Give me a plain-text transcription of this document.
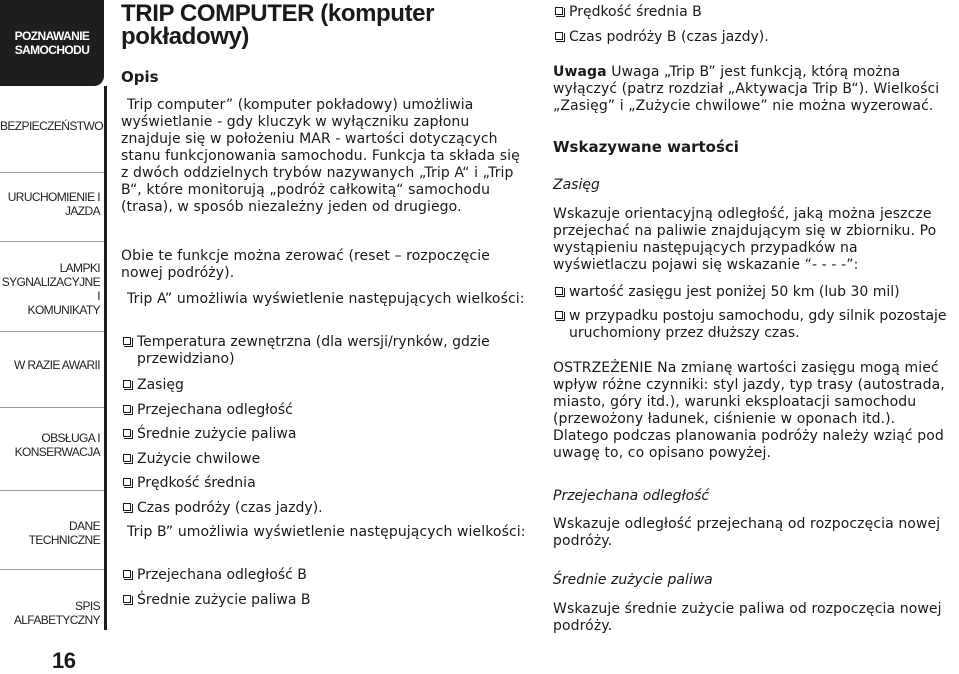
POZNAWANIE
SAMOCHODU
BEZPIECZEŃSTWO
URUCHOMIENIE I
JAZDA
LAMPKI
SYGNALIZACYJNE I
KOMUNIKATY
W RAZIE AWARII
OBSŁUGA I
KONSERWACJA
DANE TECHNICZNE
SPIS ALFABETYCZNY
16
TRIP COMPUTER (komputer pokładowy)
Opis
Trip computer” (komputer pokładowy) umożliwia wyświetlanie - gdy kluczyk w wyłączniku zapłonu znajduje się w położeniu MAR - wartości dotyczących stanu funkcjonowania samochodu. Funkcja ta składa się z dwóch oddzielnych trybów nazywanych „Trip A“ i „Trip B“, które monitorują „podróż całkowitą“ samochodu (trasa), w sposób niezależny jeden od drugiego.
Obie te funkcje można zerować (reset – rozpoczęcie nowej podróży).
Trip A” umożliwia wyświetlenie następujących wielkości:
Temperatura zewnętrzna (dla wersji/rynków, gdzie przewidziano)
Zasięg
Przejechana odległość
Średnie zużycie paliwa
Zużycie chwilowe
Prędkość średnia
Czas podróży (czas jazdy).
Trip B” umożliwia wyświetlenie następujących wielkości:
Przejechana odległość B
Średnie zużycie paliwa B
Prędkość średnia B
Czas podróży B (czas jazdy).
Uwaga Uwaga „Trip B” jest funkcją, którą można wyłączyć (patrz rozdział „Aktywacja Trip B“). Wielkości „Zasięg” i „Zużycie chwilowe” nie można wyzerować.
Wskazywane wartości
Zasięg
Wskazuje orientacyjną odległość, jaką można jeszcze przejechać na paliwie znajdującym się w zbiorniku. Po wystąpieniu następujących przypadków na wyświetlaczu pojawi się wskazanie “- - - -”:
wartość zasięgu jest poniżej 50 km (lub 30 mil)
w przypadku postoju samochodu, gdy silnik pozostaje uruchomiony przez dłuższy czas.
OSTRZEŻENIE Na zmianę wartości zasięgu mogą mieć wpływ różne czynniki: styl jazdy, typ trasy (autostrada, miasto, góry itd.), warunki eksploatacji samochodu (przewożony ładunek, ciśnienie w oponach itd.). Dlatego podczas planowania podróży należy wziąć pod uwagę to, co opisano powyżej.
Przejechana odległość
Wskazuje odległość przejechaną od rozpoczęcia nowej podróży.
Średnie zużycie paliwa
Wskazuje średnie zużycie paliwa od rozpoczęcia nowej podróży.
